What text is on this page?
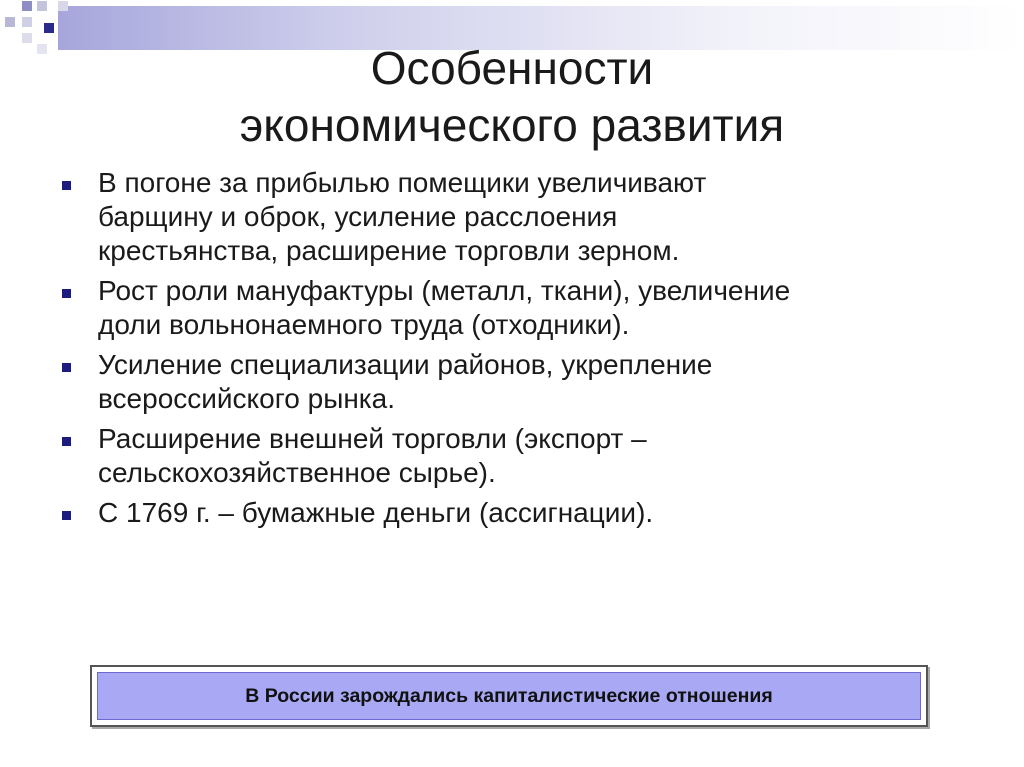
Особенности
экономического развития
В погоне за прибылью помещики увеличивают
барщину и оброк, усиление расслоения
крестьянства, расширение торговли зерном.
Рост роли мануфактуры (металл, ткани), увеличение
доли вольнонаемного труда (отходники).
Усиление специализации районов, укрепление
всероссийского рынка.
Расширение внешней торговли (экспорт –
сельскохозяйственное сырье).
С 1769 г. – бумажные деньги (ассигнации).
В России зарождались капиталистические отношения
